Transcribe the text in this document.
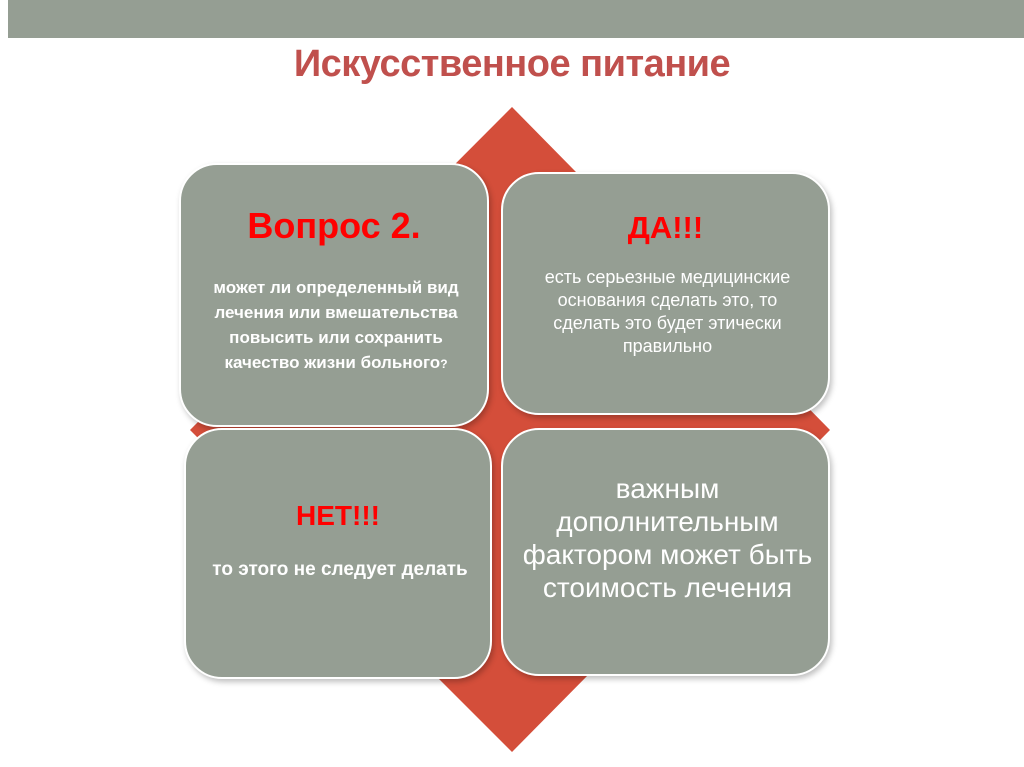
Искусственное питание
Вопрос 2.
может ли определенный вид лечения или вмешательства повысить или сохранить качество жизни больного?
ДА!!!
есть серьезные медицинские основания сделать это, то сделать это будет этически правильно
НЕТ!!!
то этого не следует делать
важным дополнительным фактором может быть стоимость лечения
